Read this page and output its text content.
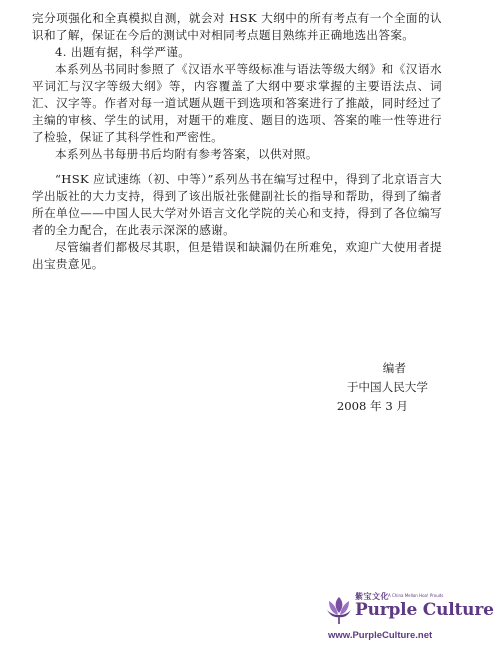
完分项强化和全真模拟自测，就会对 HSK 大纲中的所有考点有一个全面的认识和了解，保证在今后的测试中对相同考点题目熟练并正确地选出答案。

4. 出题有据，科学严谨。

本系列丛书同时参照了《汉语水平等级标准与语法等级大纲》和《汉语水平词汇与汉字等级大纲》等，内容覆盖了大纲中要求掌握的主要语法点、词汇、汉字等。作者对每一道试题从题干到选项和答案进行了推敲，同时经过了主编的审核、学生的试用，对题干的难度、题目的选项、答案的唯一性等进行了检验，保证了其科学性和严密性。

本系列丛书每册书后均附有参考答案，以供对照。

“HSK 应试速练（初、中等）”系列丛书在编写过程中，得到了北京语言大学出版社的大力支持，得到了该出版社张健副社长的指导和帮助，得到了编者所在单位——中国人民大学对外语言文化学院的关心和支持，得到了各位编写者的全力配合，在此表示深深的感谢。

尽管编者们都极尽其职，但是错误和缺漏仍在所难免，欢迎广大使用者提出宝贵意见。

编者
于中国人民大学
2008 年 3 月
紫宝文化 A China Mellon Hoa! Prouds
Purple Culture
www.PurpleCulture.net
